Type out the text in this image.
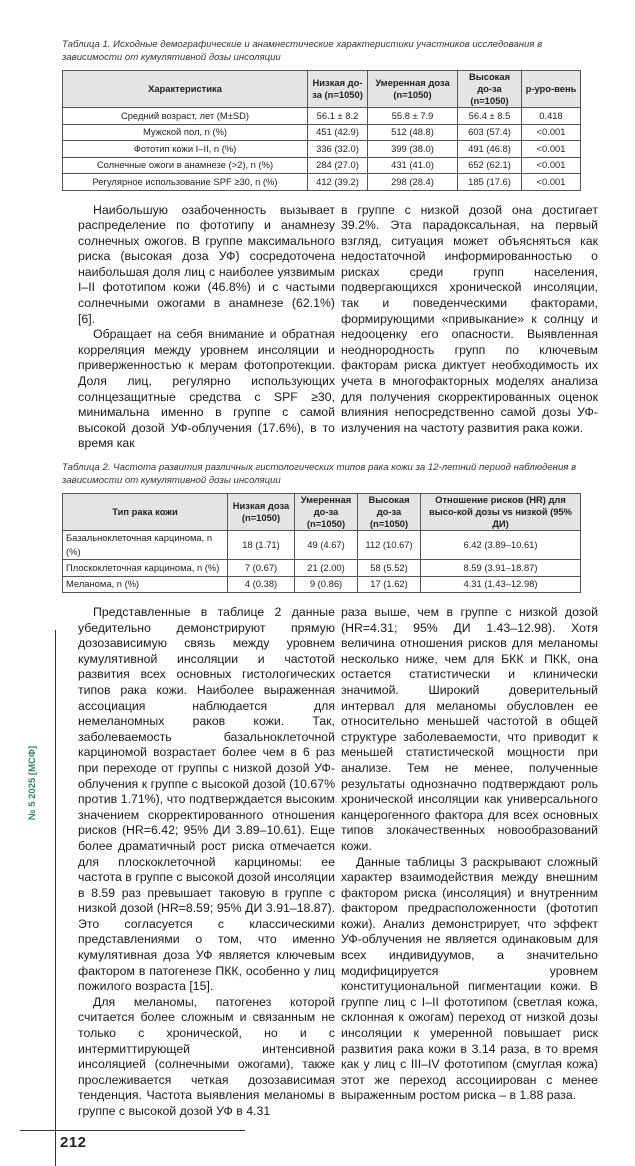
№ 5 2025 [МСФ]
Таблица 1. Исходные демографические и анамнестические характеристики участников исследования в зависимости от кумулятивной дозы инсоляции
Характеристика	Низкая до-за (n=1050)	Умеренная доза (n=1050)	Высокая до-за (n=1050)	p-уро-вень
Средний возраст, лет (M±SD)	56.1 ± 8.2	55.8 ± 7.9	56.4 ± 8.5	0.418
Мужской пол, n (%)	451 (42.9)	512 (48.8)	603 (57.4)	<0.001
Фототип кожи I–II, n (%)	336 (32.0)	399 (38.0)	491 (46.8)	<0.001
Солнечные ожоги в анамнезе (>2), n (%)	284 (27.0)	431 (41.0)	652 (62.1)	<0.001
Регулярное использование SPF ≥30, n (%)	412 (39.2)	298 (28.4)	185 (17.6)	<0.001

Наибольшую озабоченность вызывает распределение по фототипу и анамнезу солнечных ожогов. В группе максимального риска (высокая доза УФ) сосредоточена наибольшая доля лиц с наиболее уязвимым I–II фототипом кожи (46.8%) и с частыми солнечными ожогами в анамнезе (62.1%) [6].

Обращает на себя внимание и обратная корреляция между уровнем инсоляции и приверженностью к мерам фотопротекции. Доля лиц, регулярно использующих солнцезащитные средства с SPF ≥30, минимальна именно в группе с самой высокой дозой УФ-облучения (17.6%), в то время как

в группе с низкой дозой она достигает 39.2%. Эта парадоксальная, на первый взгляд, ситуация может объясняться как недостаточной информированностью о рисках среди групп населения, подвергающихся хронической инсоляции, так и поведенческими факторами, формирующими «привыкание» к солнцу и недооценку его опасности. Выявленная неоднородность групп по ключевым факторам риска диктует необходимость их учета в многофакторных моделях анализа для получения скорректированных оценок влияния непосредственно самой дозы УФ-излучения на частоту развития рака кожи.

Таблица 2. Частота развития различных гистологических типов рака кожи за 12-летний период наблюдения в зависимости от кумулятивной дозы инсоляции
Тип рака кожи	Низкая доза (n=1050)	Умеренная до-за (n=1050)	Высокая до-за (n=1050)	Отношение рисков (HR) для высо-кой дозы vs низкой (95% ДИ)
Базальноклеточная карцинома, n (%)	18 (1.71)	49 (4.67)	112 (10.67)	6.42 (3.89–10.61)
Плоскоклеточная карцинома, n (%)	7 (0.67)	21 (2.00)	58 (5.52)	8.59 (3.91–18.87)
Меланома, n (%)	4 (0.38)	9 (0.86)	17 (1.62)	4.31 (1.43–12.98)

Представленные в таблице 2 данные убедительно демонстрируют прямую дозозависимую связь между уровнем кумулятивной инсоляции и частотой развития всех основных гистологических типов рака кожи. Наиболее выраженная ассоциация наблюдается для немеланомных раков кожи. Так, заболеваемость базальноклеточной карциномой возрастает более чем в 6 раз при переходе от группы с низкой дозой УФ-облучения к группе с высокой дозой (10.67% против 1.71%), что подтверждается высоким значением скорректированного отношения рисков (HR=6.42; 95% ДИ 3.89–10.61). Еще более драматичный рост риска отмечается для плоскоклеточной карциномы: ее частота в группе с высокой дозой инсоляции в 8.59 раз превышает таковую в группе с низкой дозой (HR=8.59; 95% ДИ 3.91–18.87). Это согласуется с классическими представлениями о том, что именно кумулятивная доза УФ является ключевым фактором в патогенезе ПКК, особенно у лиц пожилого возраста [15].

Для меланомы, патогенез которой считается более сложным и связанным не только с хронической, но и с интермиттирующей интенсивной инсоляцией (солнечными ожогами), также прослеживается четкая дозозависимая тенденция. Частота выявления меланомы в группе с высокой дозой УФ в 4.31

раза выше, чем в группе с низкой дозой (HR=4.31; 95% ДИ 1.43–12.98). Хотя величина отношения рисков для меланомы несколько ниже, чем для БКК и ПКК, она остается статистически и клинически значимой. Широкий доверительный интервал для меланомы обусловлен ее относительно меньшей частотой в общей структуре заболеваемости, что приводит к меньшей статистической мощности при анализе. Тем не менее, полученные результаты однозначно подтверждают роль хронической инсоляции как универсального канцерогенного фактора для всех основных типов злокачественных новообразований кожи.

Данные таблицы 3 раскрывают сложный характер взаимодействия между внешним фактором риска (инсоляция) и внутренним фактором предрасположенности (фототип кожи). Анализ демонстрирует, что эффект УФ-облучения не является одинаковым для всех индивидуумов, а значительно модифицируется уровнем конституциональной пигментации кожи. В группе лиц с I–II фототипом (светлая кожа, склонная к ожогам) переход от низкой дозы инсоляции к умеренной повышает риск развития рака кожи в 3.14 раза, в то время как у лиц с III–IV фототипом (смуглая кожа) этот же переход ассоциирован с менее выраженным ростом риска – в 1.88 раза.

212
